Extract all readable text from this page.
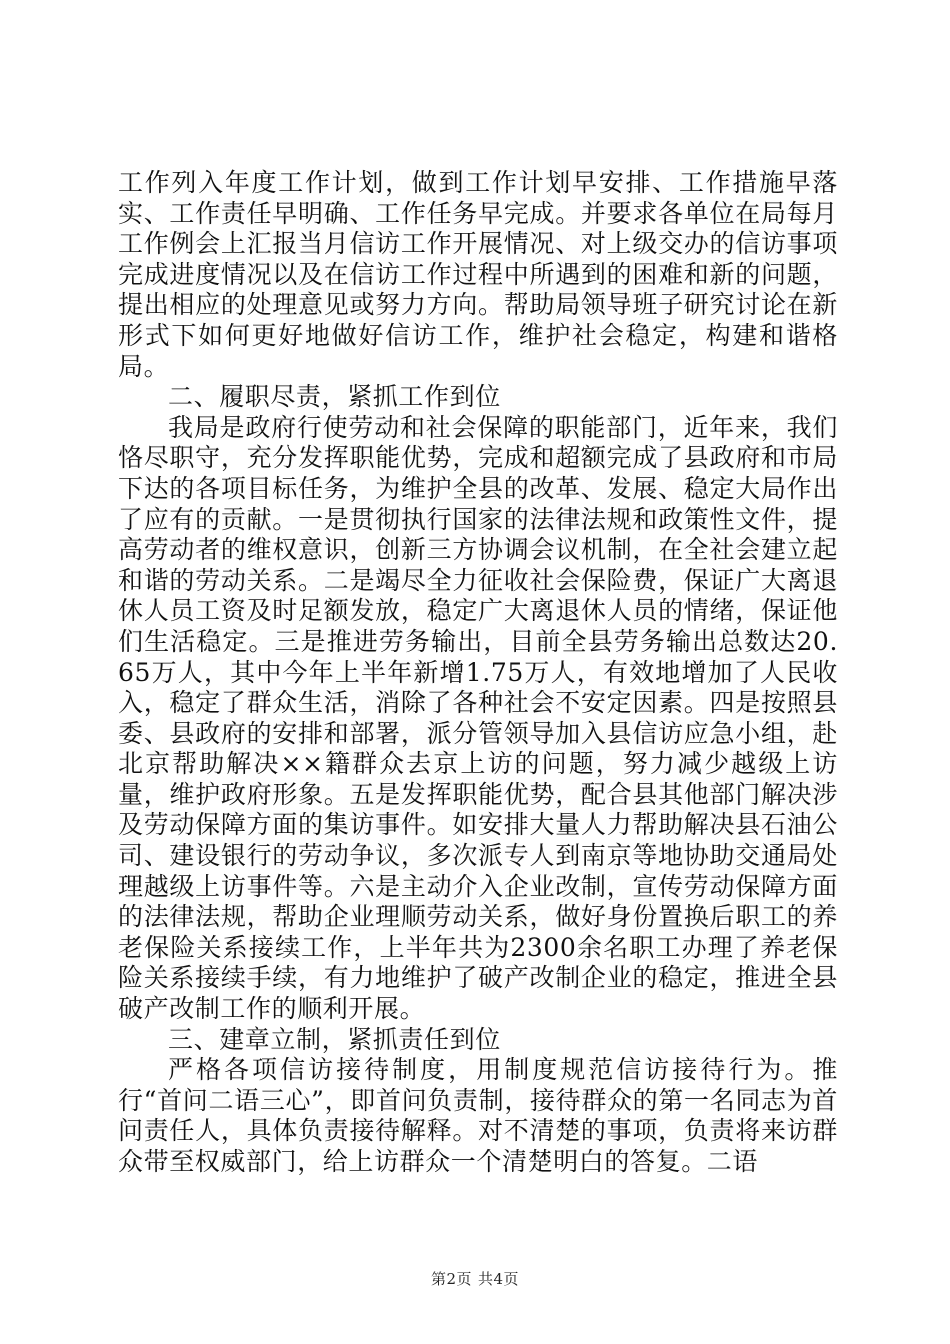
工作列入年度工作计划，做到工作计划早安排、工作措施早落实、工作责任早明确、工作任务早完成。并要求各单位在局每月工作例会上汇报当月信访工作开展情况、对上级交办的信访事项完成进度情况以及在信访工作过程中所遇到的困难和新的问题，提出相应的处理意见或努力方向。帮助局领导班子研究讨论在新形式下如何更好地做好信访工作，维护社会稳定，构建和谐格局。

二、履职尽责，紧抓工作到位

我局是政府行使劳动和社会保障的职能部门，近年来，我们恪尽职守，充分发挥职能优势，完成和超额完成了县政府和市局下达的各项目标任务，为维护全县的改革、发展、稳定大局作出了应有的贡献。一是贯彻执行国家的法律法规和政策性文件，提高劳动者的维权意识，创新三方协调会议机制，在全社会建立起和谐的劳动关系。二是竭尽全力征收社会保险费，保证广大离退休人员工资及时足额发放，稳定广大离退休人员的情绪，保证他们生活稳定。三是推进劳务输出，目前全县劳务输出总数达20.65万人，其中今年上半年新增1.75万人，有效地增加了人民收入，稳定了群众生活，消除了各种社会不安定因素。四是按照县委、县政府的安排和部署，派分管领导加入县信访应急小组，赴北京帮助解决××籍群众去京上访的问题，努力减少越级上访量，维护政府形象。五是发挥职能优势，配合县其他部门解决涉及劳动保障方面的集访事件。如安排大量人力帮助解决县石油公司、建设银行的劳动争议，多次派专人到南京等地协助交通局处理越级上访事件等。六是主动介入企业改制，宣传劳动保障方面的法律法规，帮助企业理顺劳动关系，做好身份置换后职工的养老保险关系接续工作，上半年共为2300余名职工办理了养老保险关系接续手续，有力地维护了破产改制企业的稳定，推进全县破产改制工作的顺利开展。

三、建章立制，紧抓责任到位

严格各项信访接待制度，用制度规范信访接待行为。推行“首问二语三心”，即首问负责制，接待群众的第一名同志为首问责任人，具体负责接待解释。对不清楚的事项，负责将来访群众带至权威部门，给上访群众一个清楚明白的答复。二语

第2页 共4页
